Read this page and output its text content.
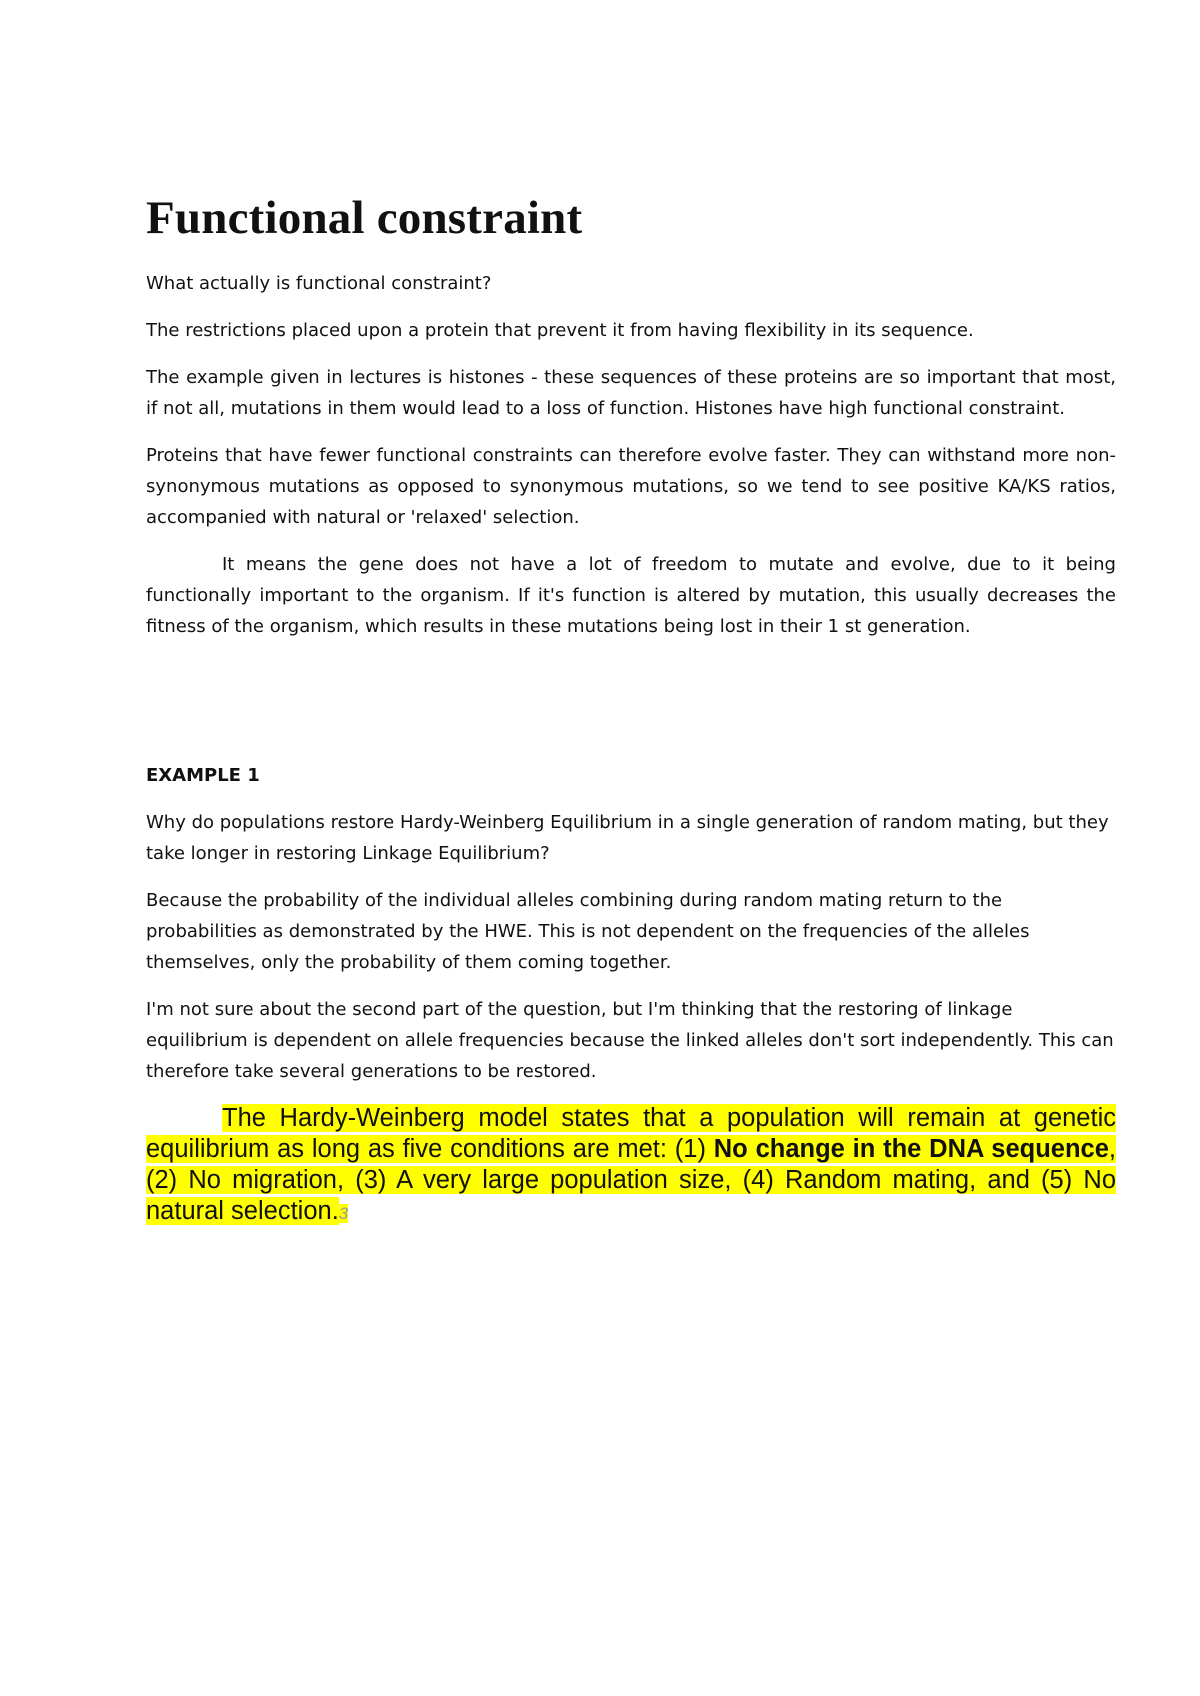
Functional constraint

What actually is functional constraint?

The restrictions placed upon a protein that prevent it from having flexibility in its sequence.

The example given in lectures is histones - these sequences of these proteins are so important that most, if not all, mutations in them would lead to a loss of function. Histones have high functional constraint.

Proteins that have fewer functional constraints can therefore evolve faster. They can withstand more non-synonymous mutations as opposed to synonymous mutations, so we tend to see positive KA/KS ratios, accompanied with natural or 'relaxed' selection.

It means the gene does not have a lot of freedom to mutate and evolve, due to it being functionally important to the organism. If it's function is altered by mutation, this usually decreases the fitness of the organism, which results in these mutations being lost in their 1 st generation.

EXAMPLE 1

Why do populations restore Hardy-Weinberg Equilibrium in a single generation of random mating, but they take longer in restoring Linkage Equilibrium?

Because the probability of the individual alleles combining during random mating return to the probabilities as demonstrated by the HWE. This is not dependent on the frequencies of the alleles themselves, only the probability of them coming together.

I'm not sure about the second part of the question, but I'm thinking that the restoring of linkage equilibrium is dependent on allele frequencies because the linked alleles don't sort independently. This can therefore take several generations to be restored.

The Hardy-Weinberg model states that a population will remain at genetic equilibrium as long as five conditions are met: (1) No change in the DNA sequence, (2) No migration, (3) A very large population size, (4) Random mating, and (5) No natural selection.3
